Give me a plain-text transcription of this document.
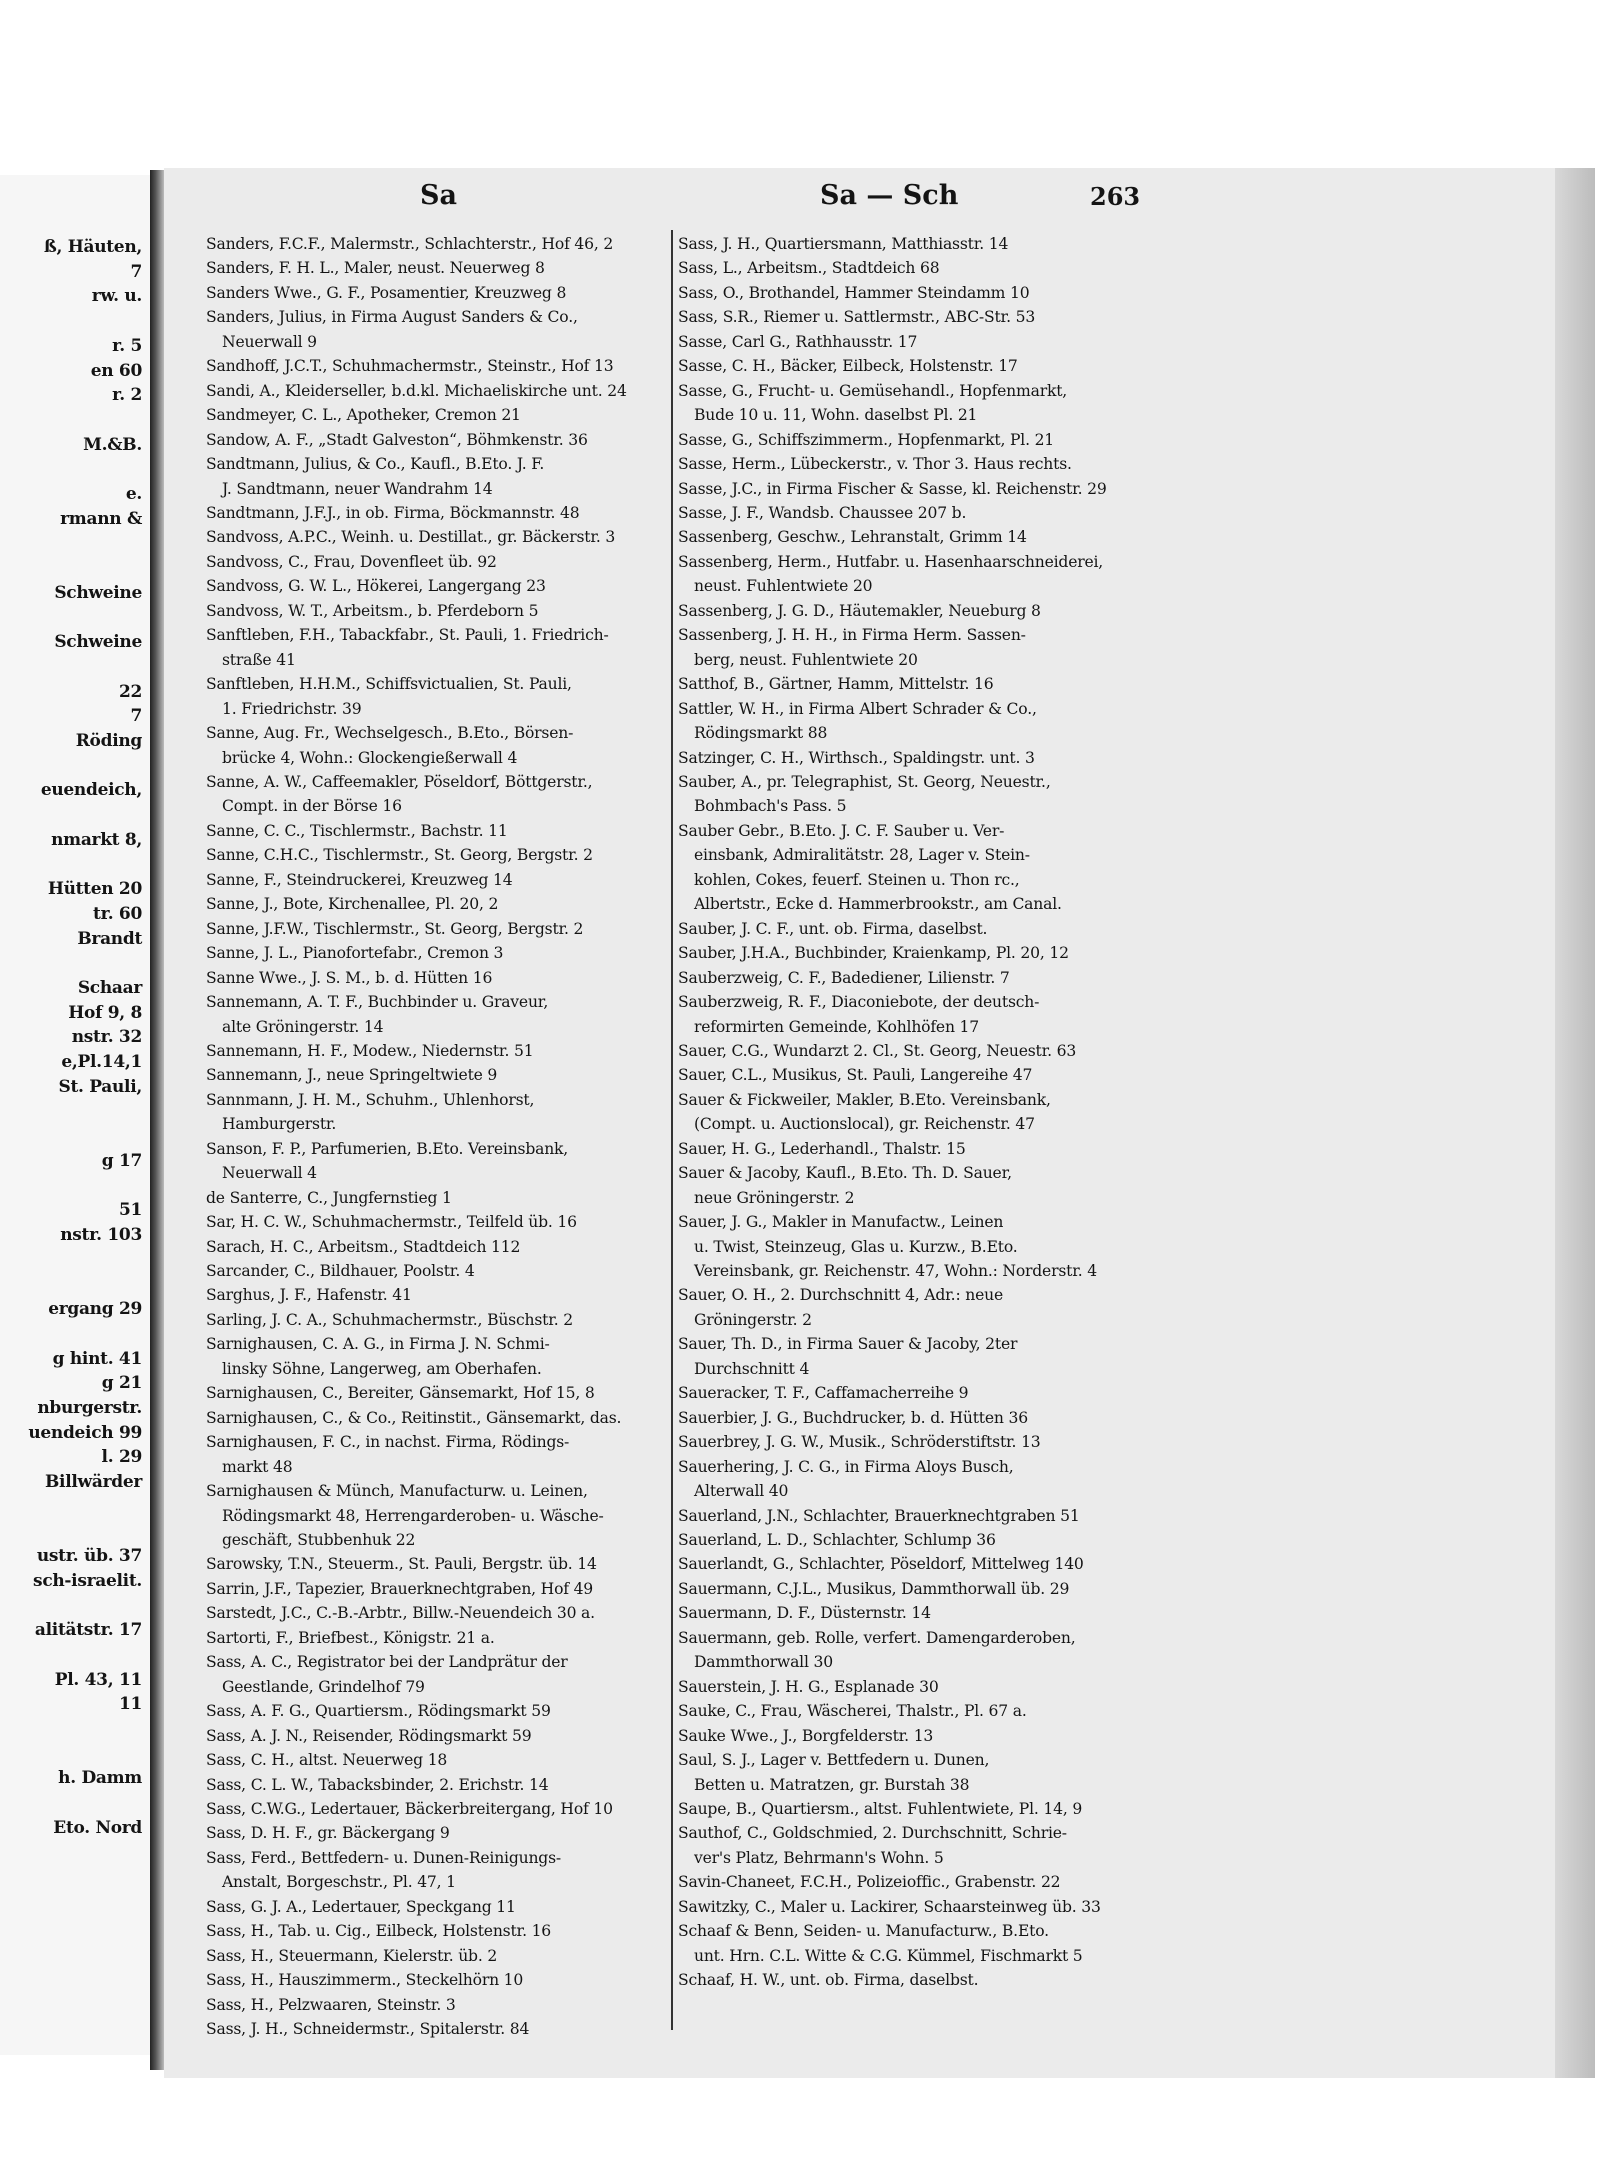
ß, Häuten,
7
rw. u.
r. 5
en 60
r. 2
M.&B.
e.
rmann &
Schweine
Schweine
22
7
Röding
euendeich,
nmarkt 8,
Hütten 20
tr. 60
Brandt
Schaar
Hof 9, 8
nstr. 32
e,Pl.14,1
St. Pauli,
g 17
51
nstr. 103
ergang 29
g hint. 41
g 21
nburgerstr.
uendeich 99
l. 29
Billwärder
ustr. üb. 37
sch-israelit.
alitätstr. 17
Pl. 43, 11
11
h. Damm
Eto. Nord
Sa	Sa — Sch	263
Sanders, F.C.F., Malermstr., Schlachterstr., Hof 46, 2
Sanders, F. H. L., Maler, neust. Neuerweg 8
Sanders Wwe., G. F., Posamentier, Kreuzweg 8
Sanders, Julius, in Firma August Sanders & Co.,
Neuerwall 9
Sandhoff, J.C.T., Schuhmachermstr., Steinstr., Hof 13
Sandi, A., Kleiderseller, b.d.kl. Michaeliskirche unt. 24
Sandmeyer, C. L., Apotheker, Cremon 21
Sandow, A. F., „Stadt Galveston“, Böhmkenstr. 36
Sandtmann, Julius, & Co., Kaufl., B.Eto. J. F.
J. Sandtmann, neuer Wandrahm 14
Sandtmann, J.F.J., in ob. Firma, Böckmannstr. 48
Sandvoss, A.P.C., Weinh. u. Destillat., gr. Bäckerstr. 3
Sandvoss, C., Frau, Dovenfleet üb. 92
Sandvoss, G. W. L., Hökerei, Langergang 23
Sandvoss, W. T., Arbeitsm., b. Pferdeborn 5
Sanftleben, F.H., Tabackfabr., St. Pauli, 1. Friedrich-
straße 41
Sanftleben, H.H.M., Schiffsvictualien, St. Pauli,
1. Friedrichstr. 39
Sanne, Aug. Fr., Wechselgesch., B.Eto., Börsen-
brücke 4, Wohn.: Glockengießerwall 4
Sanne, A. W., Caffeemakler, Pöseldorf, Böttgerstr.,
Compt. in der Börse 16
Sanne, C. C., Tischlermstr., Bachstr. 11
Sanne, C.H.C., Tischlermstr., St. Georg, Bergstr. 2
Sanne, F., Steindruckerei, Kreuzweg 14
Sanne, J., Bote, Kirchenallee, Pl. 20, 2
Sanne, J.F.W., Tischlermstr., St. Georg, Bergstr. 2
Sanne, J. L., Pianofortefabr., Cremon 3
Sanne Wwe., J. S. M., b. d. Hütten 16
Sannemann, A. T. F., Buchbinder u. Graveur,
alte Gröningerstr. 14
Sannemann, H. F., Modew., Niedernstr. 51
Sannemann, J., neue Springeltwiete 9
Sannmann, J. H. M., Schuhm., Uhlenhorst,
Hamburgerstr.
Sanson, F. P., Parfumerien, B.Eto. Vereinsbank,
Neuerwall 4
de Santerre, C., Jungfernstieg 1
Sar, H. C. W., Schuhmachermstr., Teilfeld üb. 16
Sarach, H. C., Arbeitsm., Stadtdeich 112
Sarcander, C., Bildhauer, Poolstr. 4
Sarghus, J. F., Hafenstr. 41
Sarling, J. C. A., Schuhmachermstr., Büschstr. 2
Sarnighausen, C. A. G., in Firma J. N. Schmi-
linsky Söhne, Langerweg, am Oberhafen.
Sarnighausen, C., Bereiter, Gänsemarkt, Hof 15, 8
Sarnighausen, C., & Co., Reitinstit., Gänsemarkt, das.
Sarnighausen, F. C., in nachst. Firma, Rödings-
markt 48
Sarnighausen & Münch, Manufacturw. u. Leinen,
Rödingsmarkt 48, Herrengarderoben- u. Wäsche-
geschäft, Stubbenhuk 22
Sarowsky, T.N., Steuerm., St. Pauli, Bergstr. üb. 14
Sarrin, J.F., Tapezier, Brauerknechtgraben, Hof 49
Sarstedt, J.C., C.-B.-Arbtr., Billw.-Neuendeich 30 a.
Sartorti, F., Briefbest., Königstr. 21 a.
Sass, A. C., Registrator bei der Landprätur der
Geestlande, Grindelhof 79
Sass, A. F. G., Quartiersm., Rödingsmarkt 59
Sass, A. J. N., Reisender, Rödingsmarkt 59
Sass, C. H., altst. Neuerweg 18
Sass, C. L. W., Tabacksbinder, 2. Erichstr. 14
Sass, C.W.G., Ledertauer, Bäckerbreitergang, Hof 10
Sass, D. H. F., gr. Bäckergang 9
Sass, Ferd., Bettfedern- u. Dunen-Reinigungs-
Anstalt, Borgeschstr., Pl. 47, 1
Sass, G. J. A., Ledertauer, Speckgang 11
Sass, H., Tab. u. Cig., Eilbeck, Holstenstr. 16
Sass, H., Steuermann, Kielerstr. üb. 2
Sass, H., Hauszimmerm., Steckelhörn 10
Sass, H., Pelzwaaren, Steinstr. 3
Sass, J. H., Schneidermstr., Spitalerstr. 84
Sass, J. H., Quartiersmann, Matthiasstr. 14
Sass, L., Arbeitsm., Stadtdeich 68
Sass, O., Brothandel, Hammer Steindamm 10
Sass, S.R., Riemer u. Sattlermstr., ABC-Str. 53
Sasse, Carl G., Rathhausstr. 17
Sasse, C. H., Bäcker, Eilbeck, Holstenstr. 17
Sasse, G., Frucht- u. Gemüsehandl., Hopfenmarkt,
Bude 10 u. 11, Wohn. daselbst Pl. 21
Sasse, G., Schiffszimmerm., Hopfenmarkt, Pl. 21
Sasse, Herm., Lübeckerstr., v. Thor 3. Haus rechts.
Sasse, J.C., in Firma Fischer & Sasse, kl. Reichenstr. 29
Sasse, J. F., Wandsb. Chaussee 207 b.
Sassenberg, Geschw., Lehranstalt, Grimm 14
Sassenberg, Herm., Hutfabr. u. Hasenhaarschneiderei,
neust. Fuhlentwiete 20
Sassenberg, J. G. D., Häutemakler, Neueburg 8
Sassenberg, J. H. H., in Firma Herm. Sassen-
berg, neust. Fuhlentwiete 20
Satthof, B., Gärtner, Hamm, Mittelstr. 16
Sattler, W. H., in Firma Albert Schrader & Co.,
Rödingsmarkt 88
Satzinger, C. H., Wirthsch., Spaldingstr. unt. 3
Sauber, A., pr. Telegraphist, St. Georg, Neuestr.,
Bohmbach's Pass. 5
Sauber Gebr., B.Eto. J. C. F. Sauber u. Ver-
einsbank, Admiralitätstr. 28, Lager v. Stein-
kohlen, Cokes, feuerf. Steinen u. Thon rc.,
Albertstr., Ecke d. Hammerbrookstr., am Canal.
Sauber, J. C. F., unt. ob. Firma, daselbst.
Sauber, J.H.A., Buchbinder, Kraienkamp, Pl. 20, 12
Sauberzweig, C. F., Badediener, Lilienstr. 7
Sauberzweig, R. F., Diaconiebote, der deutsch-
reformirten Gemeinde, Kohlhöfen 17
Sauer, C.G., Wundarzt 2. Cl., St. Georg, Neuestr. 63
Sauer, C.L., Musikus, St. Pauli, Langereihe 47
Sauer & Fickweiler, Makler, B.Eto. Vereinsbank,
(Compt. u. Auctionslocal), gr. Reichenstr. 47
Sauer, H. G., Lederhandl., Thalstr. 15
Sauer & Jacoby, Kaufl., B.Eto. Th. D. Sauer,
neue Gröningerstr. 2
Sauer, J. G., Makler in Manufactw., Leinen
u. Twist, Steinzeug, Glas u. Kurzw., B.Eto.
Vereinsbank, gr. Reichenstr. 47, Wohn.: Norderstr. 4
Sauer, O. H., 2. Durchschnitt 4, Adr.: neue
Gröningerstr. 2
Sauer, Th. D., in Firma Sauer & Jacoby, 2ter
Durchschnitt 4
Saueracker, T. F., Caffamacherreihe 9
Sauerbier, J. G., Buchdrucker, b. d. Hütten 36
Sauerbrey, J. G. W., Musik., Schröderstiftstr. 13
Sauerhering, J. C. G., in Firma Aloys Busch,
Alterwall 40
Sauerland, J.N., Schlachter, Brauerknechtgraben 51
Sauerland, L. D., Schlachter, Schlump 36
Sauerlandt, G., Schlachter, Pöseldorf, Mittelweg 140
Sauermann, C.J.L., Musikus, Dammthorwall üb. 29
Sauermann, D. F., Düsternstr. 14
Sauermann, geb. Rolle, verfert. Damengarderoben,
Dammthorwall 30
Sauerstein, J. H. G., Esplanade 30
Sauke, C., Frau, Wäscherei, Thalstr., Pl. 67 a.
Sauke Wwe., J., Borgfelderstr. 13
Saul, S. J., Lager v. Bettfedern u. Dunen,
Betten u. Matratzen, gr. Burstah 38
Saupe, B., Quartiersm., altst. Fuhlentwiete, Pl. 14, 9
Sauthof, C., Goldschmied, 2. Durchschnitt, Schrie-
ver's Platz, Behrmann's Wohn. 5
Savin-Chaneet, F.C.H., Polizeioffic., Grabenstr. 22
Sawitzky, C., Maler u. Lackirer, Schaarsteinweg üb. 33
Schaaf & Benn, Seiden- u. Manufacturw., B.Eto.
unt. Hrn. C.L. Witte & C.G. Kümmel, Fischmarkt 5
Schaaf, H. W., unt. ob. Firma, daselbst.
